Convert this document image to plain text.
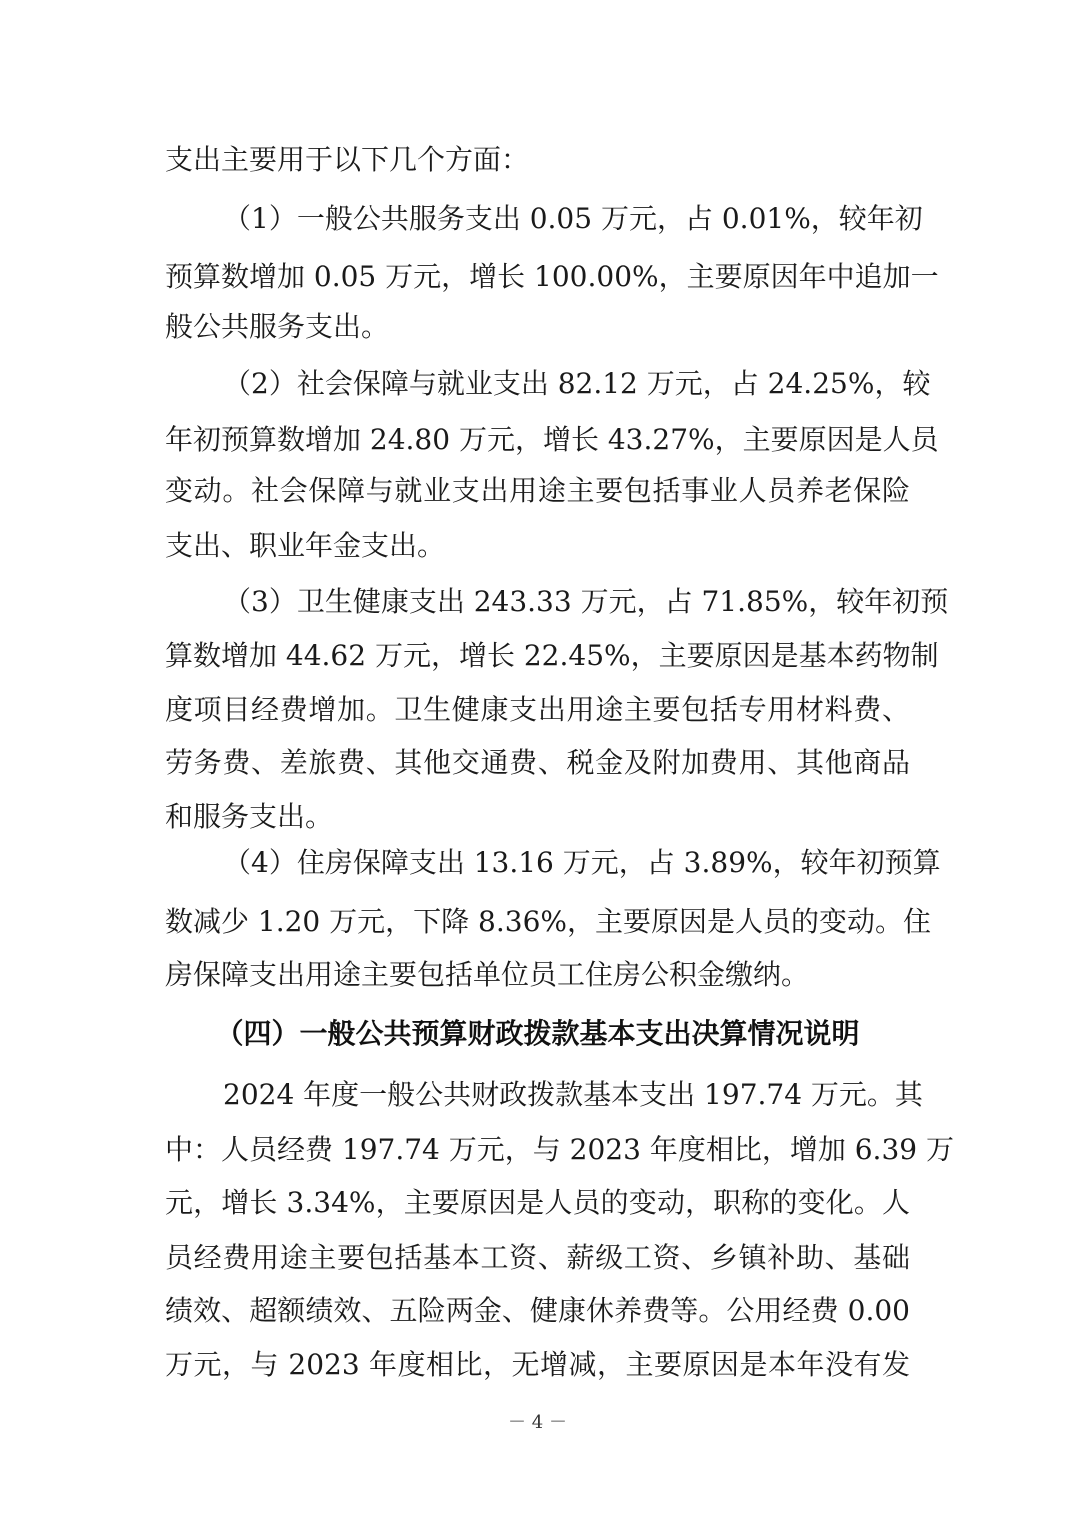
支出主要用于以下几个方面：
（1）一般公共服务支出 0.05 万元，占 0.01%，较年初
预算数增加 0.05 万元，增长 100.00%，主要原因年中追加一
般公共服务支出。
（2）社会保障与就业支出 82.12 万元，占 24.25%，较
年初预算数增加 24.80 万元，增长 43.27%，主要原因是人员
变动。社会保障与就业支出用途主要包括事业人员养老保险
支出、职业年金支出。
（3）卫生健康支出 243.33 万元，占 71.85%，较年初预
算数增加 44.62 万元，增长 22.45%，主要原因是基本药物制
度项目经费增加。卫生健康支出用途主要包括专用材料费、
劳务费、差旅费、其他交通费、税金及附加费用、其他商品
和服务支出。
（4）住房保障支出 13.16 万元，占 3.89%，较年初预算
数减少 1.20 万元，下降 8.36%，主要原因是人员的变动。住
房保障支出用途主要包括单位员工住房公积金缴纳。
（四）一般公共预算财政拨款基本支出决算情况说明
2024 年度一般公共财政拨款基本支出 197.74 万元。其
中：人员经费 197.74 万元，与 2023 年度相比，增加 6.39 万
元，增长 3.34%，主要原因是人员的变动，职称的变化。人
员经费用途主要包括基本工资、薪级工资、乡镇补助、基础
绩效、超额绩效、五险两金、健康休养费等。公用经费 0.00
万元，与 2023 年度相比，无增减，主要原因是本年没有发
－ 4 －
